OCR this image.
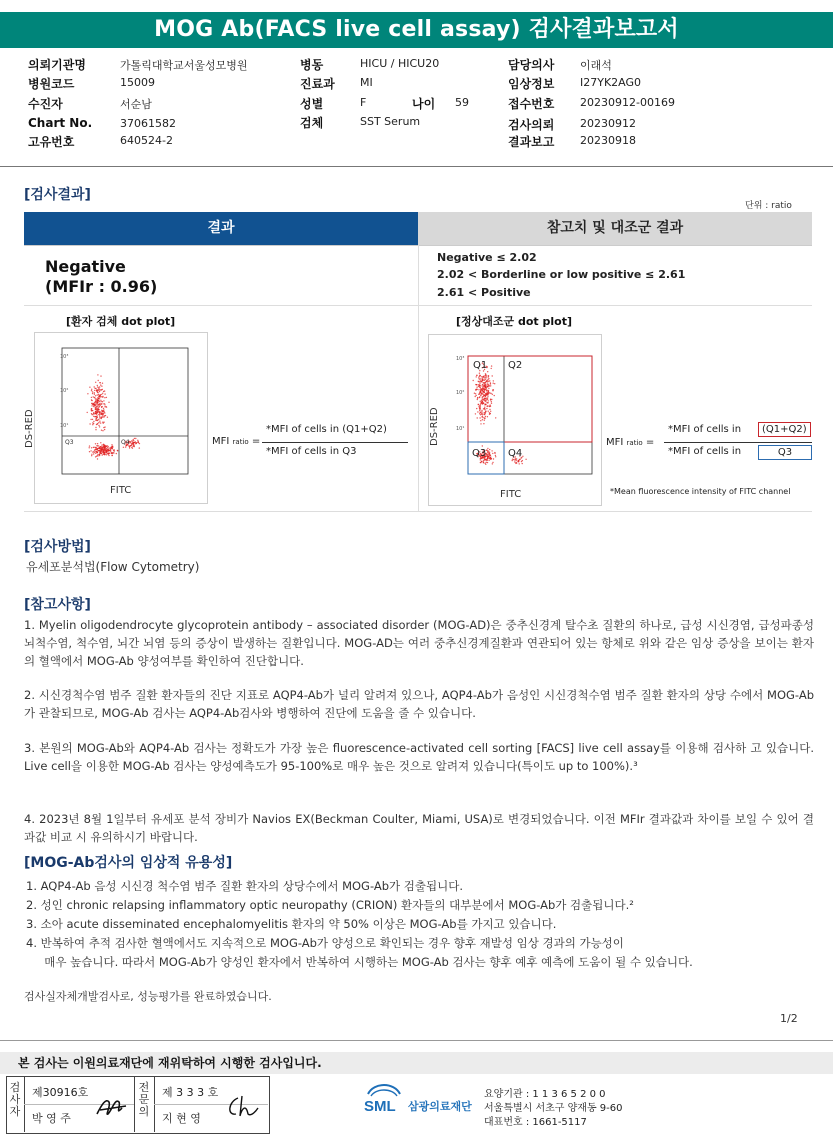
MOG Ab(FACS live cell assay) 검사결과보고서
의뢰기관명	가톨릭대학교서울성모병원
병원코드	15009
수진자	서순남
Chart No.	37061582
고유번호	640524-2
병동	HICU / HICU20
진료과 MI
성별	F	나이 59
검체	SST Serum
담당의사 이래석
임상정보 I27YK2AG0
접수번호 20230912-00169
검사의뢰 20230912
결과보고 20230918
[검사결과]
단위 : ratio
결과	참고치 및 대조군 결과
Negative
(MFIr : 0.96)
Negative ≤ 2.02
2.02 < Borderline or low positive ≤ 2.61
2.61 < Positive
[환자 검체 dot plot]
Q3	Q4
10³
10²
10¹
DS-RED
FITC
MFI ratio =
*MFI of cells in (Q1+Q2)
*MFI of cells in Q3
[정상대조군 dot plot]
Q1 Q2
Q3 Q4
10³
10²
10¹
DS-RED
FITC
MFI ratio =
*MFI of cells in	(Q1+Q2)
*MFI of cells in	Q3
*Mean fluorescence intensity of FITC channel
[검사방법]
유세포분석법(Flow Cytometry)
[참고사항]
1. Myelin oligodendrocyte glycoprotein antibody – associated disorder (MOG-AD)은 중추신경계 탈수초 질환의 하나로, 급성 시신경염, 급성파종성 뇌척수염, 척수염, 뇌간 뇌염 등의 증상이 발생하는 질환입니다. MOG-AD는 여러 중추신경계질환과 연관되어 있는 항체로 위와 같은 임상 증상을 보이는 환자의 혈액에서 MOG-Ab 양성여부를 확인하여 진단합니다.
2. 시신경척수염 범주 질환 환자들의 진단 지표로 AQP4-Ab가 널리 알려져 있으나, AQP4-Ab가 음성인 시신경척수염 범주 질환 환자의 상당 수에서 MOG-Ab가 관찰되므로, MOG-Ab 검사는 AQP4-Ab검사와 병행하여 진단에 도움을 줄 수 있습니다.
3. 본원의 MOG-Ab와 AQP4-Ab 검사는 정확도가 가장 높은 fluorescence-activated cell sorting [FACS] live cell assay를 이용해 검사하 고 있습니다. Live cell을 이용한 MOG-Ab 검사는 양성예측도가 95-100%로 매우 높은 것으로 알려져 있습니다(특이도 up to 100%).³
4. 2023년 8월 1일부터 유세포 분석 장비가 Navios EX(Beckman Coulter, Miami, USA)로 변경되었습니다. 이전 MFIr 결과값과 차이를 보일 수 있어 결과값 비교 시 유의하시기 바랍니다.
[MOG-Ab검사의 임상적 유용성]
1. AQP4-Ab 음성 시신경 척수염 범주 질환 환자의 상당수에서 MOG-Ab가 검출됩니다.
2. 성인 chronic relapsing inflammatory optic neuropathy (CRION) 환자들의 대부분에서 MOG-Ab가 검출됩니다.²
3. 소아 acute disseminated encephalomyelitis 환자의 약 50% 이상은 MOG-Ab를 가지고 있습니다.
4. 반복하여 추적 검사한 혈액에서도 지속적으로 MOG-Ab가 양성으로 확인되는 경우 향후 재발성 임상 경과의 가능성이
매우 높습니다. 따라서 MOG-Ab가 양성인 환자에서 반복하여 시행하는 MOG-Ab 검사는 향후 예후 예측에 도움이 될 수 있습니다.
검사실자체개발검사로, 성능평가를 완료하였습니다.
1/2
본 검사는 이원의료재단에 재위탁하여 시행한 검사입니다.
검사자
제30916호
박 영 주
전문의
제 3 3 3 호
지 현 영
SML 삼광의료재단
요양기관 : 1 1 3 6 5 2 0 0
서울특별시 서초구 양재동 9-60
대표번호 : 1661-5117
